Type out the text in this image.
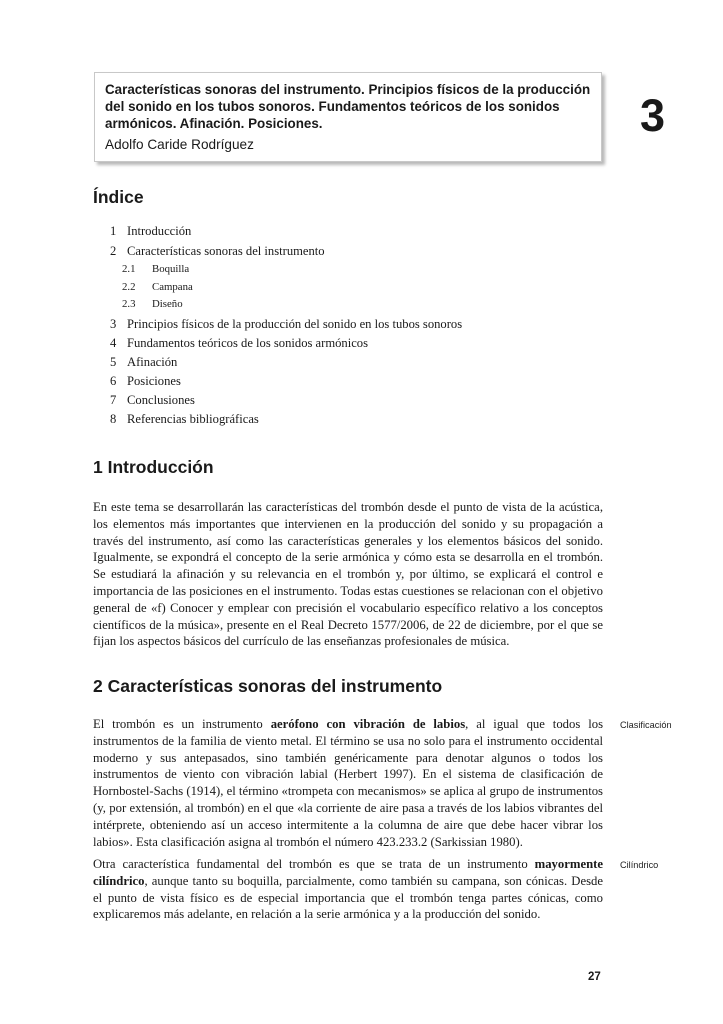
Características sonoras del instrumento. Principios físicos de la producción del sonido en los tubos sonoros. Fundamentos teóricos de los sonidos armónicos. Afinación. Posiciones.
Adolfo Caride Rodríguez
3
Índice
1 Introducción
2 Características sonoras del instrumento
2.1 Boquilla
2.2 Campana
2.3 Diseño
3 Principios físicos de la producción del sonido en los tubos sonoros
4 Fundamentos teóricos de los sonidos armónicos
5 Afinación
6 Posiciones
7 Conclusiones
8 Referencias bibliográficas
1 Introducción
En este tema se desarrollarán las características del trombón desde el punto de vista de la acústica, los elementos más importantes que intervienen en la producción del sonido y su propagación a través del instrumento, así como las características generales y los elementos básicos del sonido. Igualmente, se expondrá el concepto de la serie armónica y cómo esta se desarrolla en el trombón. Se estudiará la afinación y su relevancia en el trombón y, por último, se explicará el control e importancia de las posiciones en el instrumento. Todas estas cuestiones se relacionan con el objetivo general de «f) Conocer y emplear con precisión el vocabulario específico relativo a los conceptos científicos de la música», presente en el Real Decreto 1577/2006, de 22 de diciembre, por el que se fijan los aspectos básicos del currículo de las enseñanzas profesionales de música.
2 Características sonoras del instrumento
El trombón es un instrumento aerófono con vibración de labios, al igual que todos los instrumentos de la familia de viento metal. El término se usa no solo para el instrumento occidental moderno y sus antepasados, sino también genéricamente para denotar algunos o todos los instrumentos de viento con vibración labial (Herbert 1997). En el sistema de clasificación de Hornbostel-Sachs (1914), el término «trompeta con mecanismos» se aplica al grupo de instrumentos (y, por extensión, al trombón) en el que «la corriente de aire pasa a través de los labios vibrantes del intérprete, obteniendo así un acceso intermitente a la columna de aire que debe hacer vibrar los labios». Esta clasificación asigna al trombón el número 423.233.2 (Sarkissian 1980).
Clasificación
Otra característica fundamental del trombón es que se trata de un instrumento mayormente cilíndrico, aunque tanto su boquilla, parcialmente, como también su campana, son cónicas. Desde el punto de vista físico es de especial importancia que el trombón tenga partes cónicas, como explicaremos más adelante, en relación a la serie armónica y a la producción del sonido.
Cilíndrico
27
